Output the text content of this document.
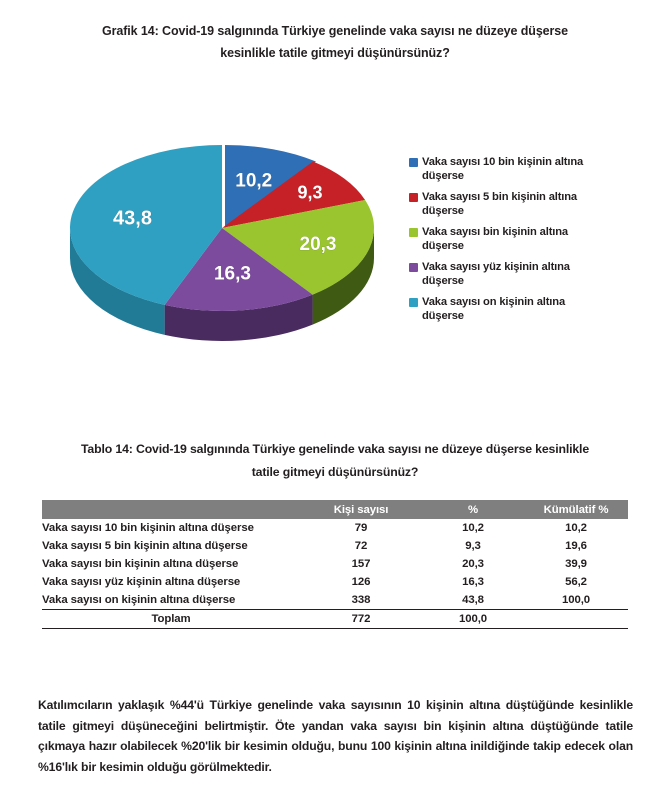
Grafik 14: Covid-19 salgınında Türkiye genelinde vaka sayısı ne düzeye düşerse
kesinlikle tatile gitmeyi düşünürsünüz?
10,2
9,3
20,3
16,3
43,8
Vaka sayısı 10 bin kişinin altına düşerse
Vaka sayısı 5 bin kişinin altına düşerse
Vaka sayısı bin kişinin altına düşerse
Vaka sayısı yüz kişinin altına düşerse
Vaka sayısı on kişinin altına düşerse
Tablo 14: Covid-19 salgınında Türkiye genelinde vaka sayısı ne düzeye düşerse kesinlikle
tatile gitmeyi düşünürsünüz?
	Kişi sayısı	%	Kümülatif %
Vaka sayısı 10 bin kişinin altına düşerse	79	10,2	10,2
Vaka sayısı 5 bin kişinin altına düşerse	72	9,3	19,6
Vaka sayısı bin kişinin altına düşerse	157	20,3	39,9
Vaka sayısı yüz kişinin altına düşerse	126	16,3	56,2
Vaka sayısı on kişinin altına düşerse	338	43,8	100,0
Toplam	772	100,0	

Katılımcıların yaklaşık %44'ü Türkiye genelinde vaka sayısının 10 kişinin altına düştüğünde kesinlikle tatile gitmeyi düşüneceğini belirtmiştir. Öte yandan vaka sayısı bin kişinin altına düştüğünde tatile çıkmaya hazır olabilecek %20'lik bir kesimin olduğu, bunu 100 kişinin altına inildiğinde takip edecek olan %16'lık bir kesimin olduğu görülmektedir.
